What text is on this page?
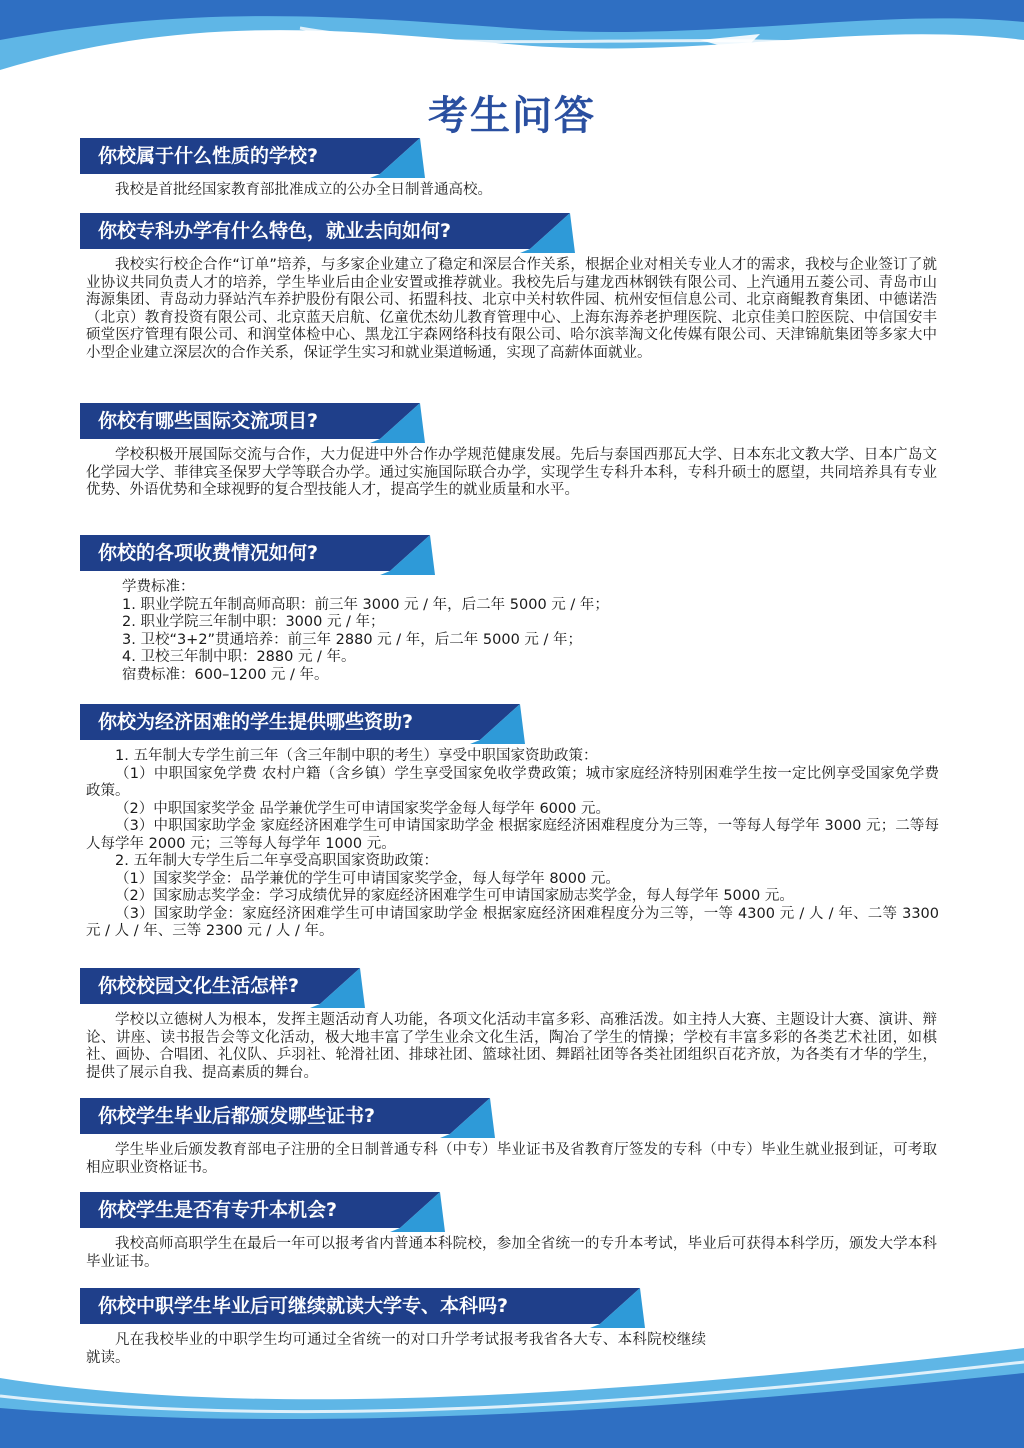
考生问答
你校属于什么性质的学校?

我校是首批经国家教育部批准成立的公办全日制普通高校。

你校专科办学有什么特色，就业去向如何?

我校实行校企合作“订单”培养，与多家企业建立了稳定和深层合作关系，根据企业对相关专业人才的需求，我校与企业签订了就业协议共同负责人才的培养，学生毕业后由企业安置或推荐就业。我校先后与建龙西林钢铁有限公司、上汽通用五菱公司、青岛市山海源集团、青岛动力驿站汽车养护股份有限公司、拓盟科技、北京中关村软件园、杭州安恒信息公司、北京商鲲教育集团、中德诺浩（北京）教育投资有限公司、北京蓝天启航、亿童优杰幼儿教育管理中心、上海东海养老护理医院、北京佳美口腔医院、中信国安丰硕堂医疗管理有限公司、和润堂体检中心、黑龙江宇森网络科技有限公司、哈尔滨莘淘文化传媒有限公司、天津锦航集团等多家大中小型企业建立深层次的合作关系，保证学生实习和就业渠道畅通，实现了高薪体面就业。

你校有哪些国际交流项目?

学校积极开展国际交流与合作，大力促进中外合作办学规范健康发展。先后与泰国西那瓦大学、日本东北文教大学、日本广岛文化学园大学、菲律宾圣保罗大学等联合办学。通过实施国际联合办学，实现学生专科升本科，专科升硕士的愿望，共同培养具有专业优势、外语优势和全球视野的复合型技能人才，提高学生的就业质量和水平。

你校的各项收费情况如何?
学费标准：
1. 职业学院五年制高师高职：前三年 3000 元 / 年，后二年 5000 元 / 年；
2. 职业学院三年制中职：3000 元 / 年；
3. 卫校“3+2”贯通培养：前三年 2880 元 / 年，后二年 5000 元 / 年；
4. 卫校三年制中职：2880 元 / 年。
宿费标准：600–1200 元 / 年。
你校为经济困难的学生提供哪些资助?

1. 五年制大专学生前三年（含三年制中职的考生）享受中职国家资助政策：

（1）中职国家免学费 农村户籍（含乡镇）学生享受国家免收学费政策；城市家庭经济特别困难学生按一定比例享受国家免学费政策。

（2）中职国家奖学金 品学兼优学生可申请国家奖学金每人每学年 6000 元。

（3）中职国家助学金 家庭经济困难学生可申请国家助学金 根据家庭经济困难程度分为三等，一等每人每学年 3000 元；二等每人每学年 2000 元；三等每人每学年 1000 元。

2. 五年制大专学生后二年享受高职国家资助政策：

（1）国家奖学金：品学兼优的学生可申请国家奖学金，每人每学年 8000 元。

（2）国家励志奖学金：学习成绩优异的家庭经济困难学生可申请国家励志奖学金，每人每学年 5000 元。

（3）国家助学金：家庭经济困难学生可申请国家助学金 根据家庭经济困难程度分为三等，一等 4300 元 / 人 / 年、二等 3300 元 / 人 / 年、三等 2300 元 / 人 / 年。

你校校园文化生活怎样?

学校以立德树人为根本，发挥主题活动育人功能，各项文化活动丰富多彩、高雅活泼。如主持人大赛、主题设计大赛、演讲、辩论、讲座、读书报告会等文化活动，极大地丰富了学生业余文化生活，陶冶了学生的情操；学校有丰富多彩的各类艺术社团，如棋社、画协、合唱团、礼仪队、乒羽社、轮滑社团、排球社团、篮球社团、舞蹈社团等各类社团组织百花齐放，为各类有才华的学生，提供了展示自我、提高素质的舞台。

你校学生毕业后都颁发哪些证书?

学生毕业后颁发教育部电子注册的全日制普通专科（中专）毕业证书及省教育厅签发的专科（中专）毕业生就业报到证，可考取相应职业资格证书。

你校学生是否有专升本机会?

我校高师高职学生在最后一年可以报考省内普通本科院校，参加全省统一的专升本考试，毕业后可获得本科学历，颁发大学本科毕业证书。

你校中职学生毕业后可继续就读大学专、本科吗?

凡在我校毕业的中职学生均可通过全省统一的对口升学考试报考我省各大专、本科院校继续就读。
